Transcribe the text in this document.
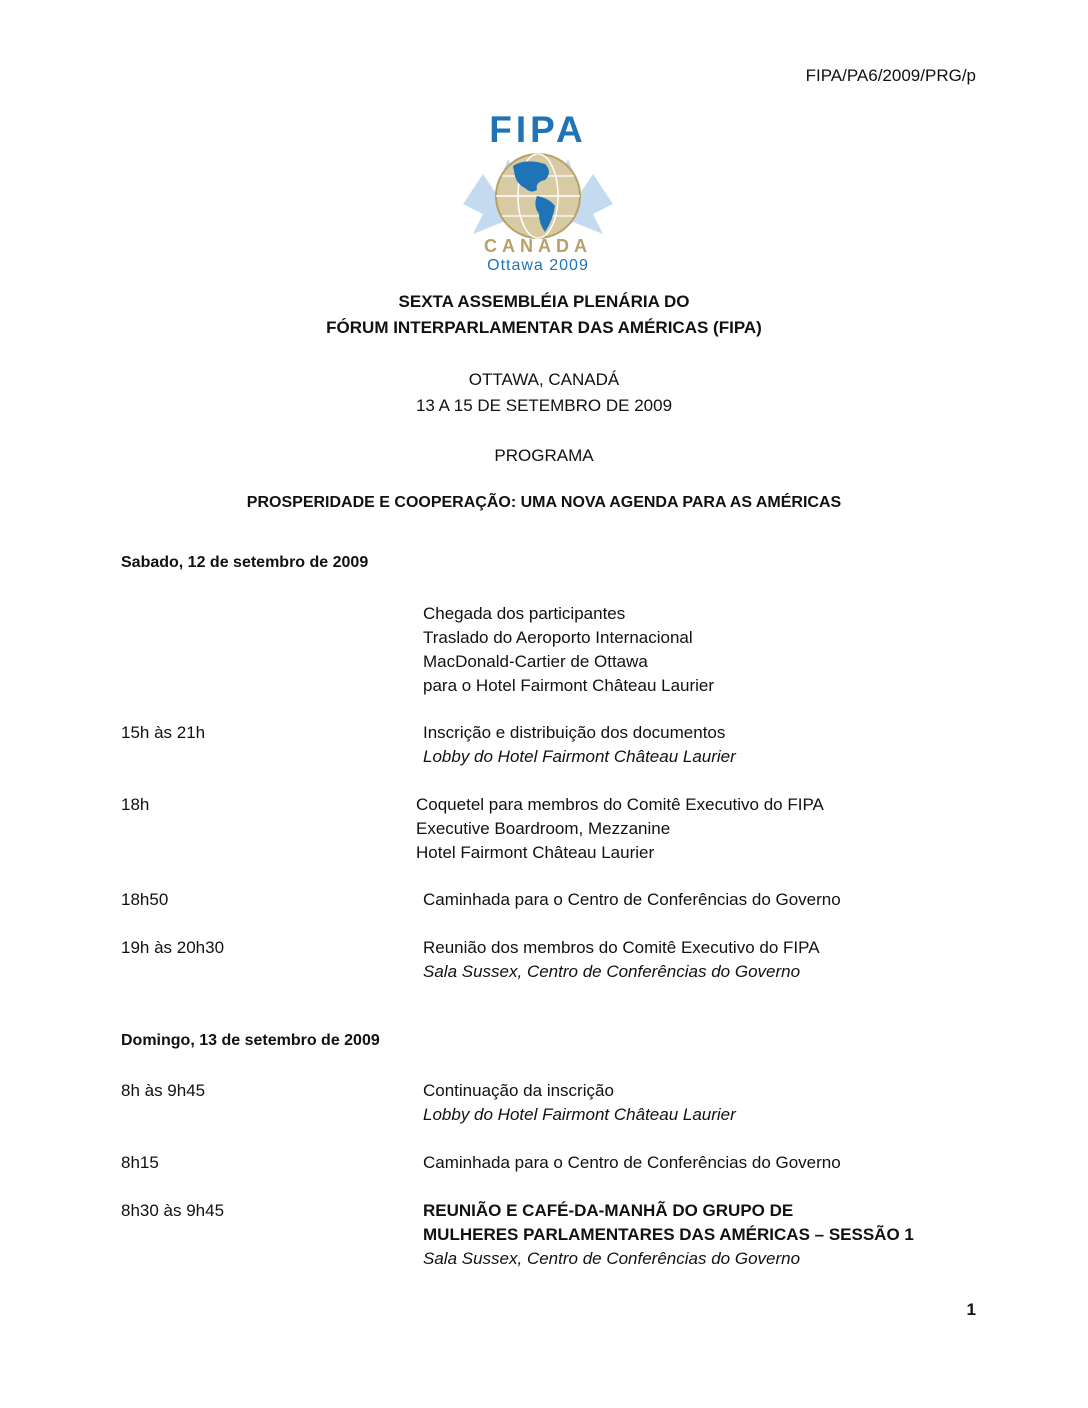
FIPA/PA6/2009/PRG/p
FIPA
CANADA
Ottawa 2009
SEXTA ASSEMBLÉIA PLENÁRIA DO
FÓRUM INTERPARLAMENTAR DAS AMÉRICAS (FIPA)
OTTAWA, CANADÁ
13 A 15 DE SETEMBRO DE 2009
PROGRAMA
PROSPERIDADE E COOPERAÇÃO: UMA NOVA AGENDA PARA AS AMÉRICAS
Sabado, 12 de setembro de 2009
Chegada dos participantes
Traslado do Aeroporto Internacional
MacDonald-Cartier de Ottawa
para o Hotel Fairmont Château Laurier
15h às 21h	Inscrição e distribuição dos documentos
Lobby do Hotel Fairmont Château Laurier
18h	Coquetel para membros do Comitê Executivo do FIPA
Executive Boardroom, Mezzanine
Hotel Fairmont Château Laurier
18h50	Caminhada para o Centro de Conferências do Governo
19h às 20h30	Reunião dos membros do Comitê Executivo do FIPA
Sala Sussex, Centro de Conferências do Governo
Domingo, 13 de setembro de 2009
8h às 9h45	Continuação da inscrição
Lobby do Hotel Fairmont Château Laurier
8h15	Caminhada para o Centro de Conferências do Governo
8h30 às 9h45	REUNIÃO E CAFÉ-DA-MANHÃ DO GRUPO DE
MULHERES PARLAMENTARES DAS AMÉRICAS – SESSÃO 1
Sala Sussex, Centro de Conferências do Governo
1
